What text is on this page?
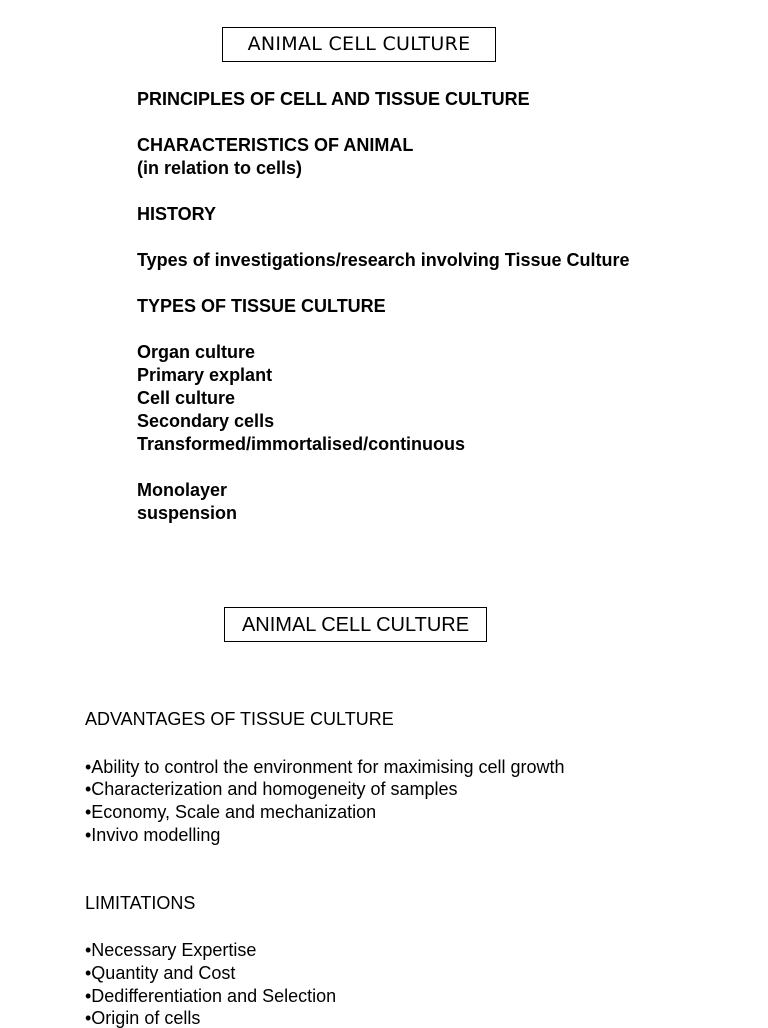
ANIMAL CELL CULTURE
PRINCIPLES OF CELL AND TISSUE CULTURE
CHARACTERISTICS OF ANIMAL
(in relation to cells)
HISTORY
Types of investigations/research involving Tissue Culture
TYPES OF TISSUE CULTURE
Organ culture
Primary explant
Cell culture
Secondary cells
Transformed/immortalised/continuous
Monolayer
suspension
ANIMAL CELL CULTURE
ADVANTAGES OF TISSUE CULTURE
•Ability to control the environment for maximising cell growth
•Characterization and homogeneity of samples
•Economy, Scale and mechanization
•Invivo modelling
LIMITATIONS
•Necessary Expertise
•Quantity and Cost
•Dedifferentiation and Selection
•Origin of cells
